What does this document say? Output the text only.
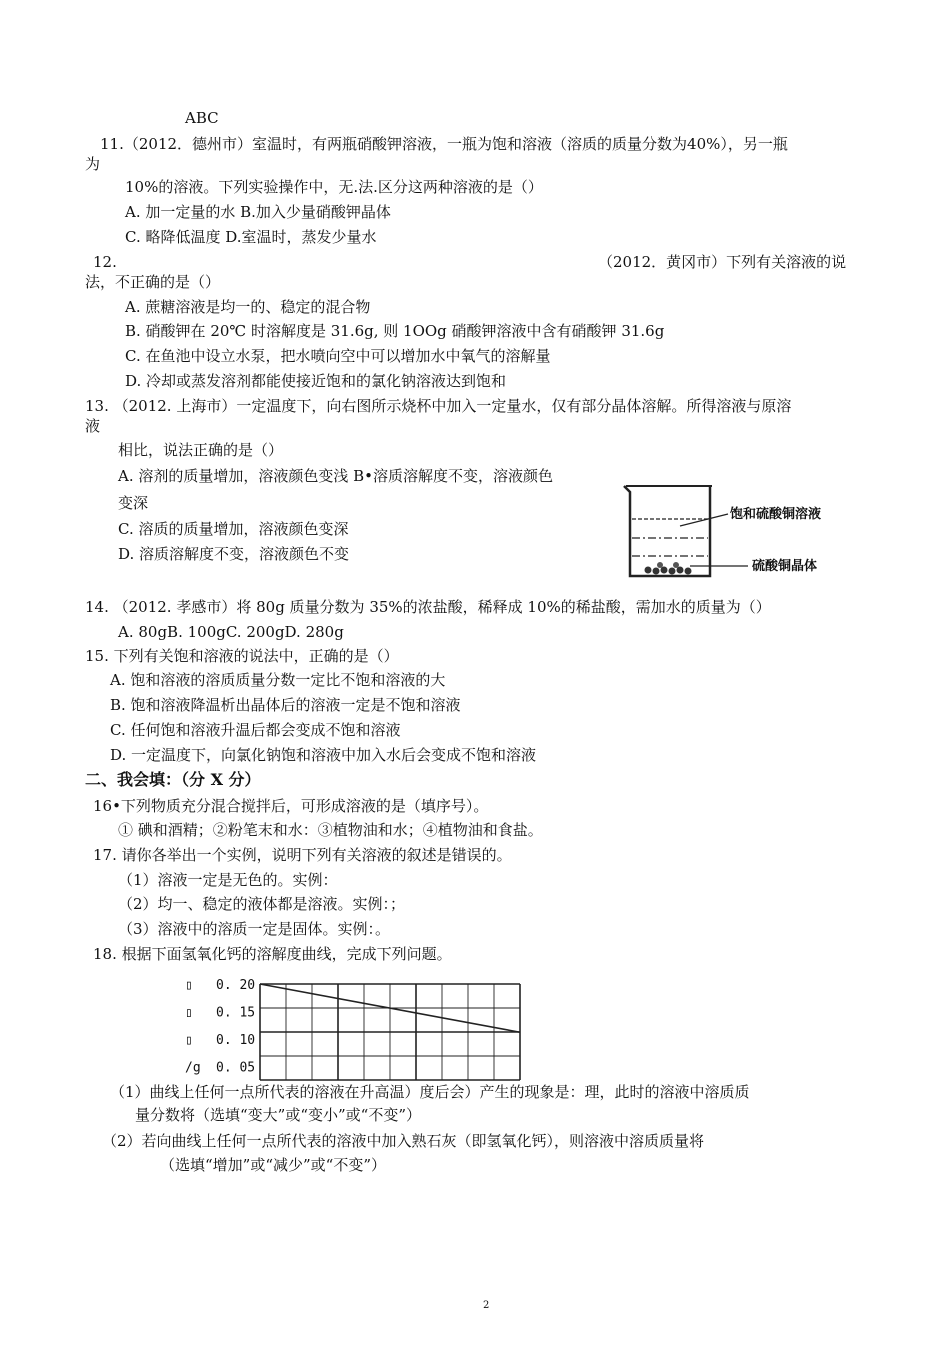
ABC
11.（2012．德州市）室温时，有两瓶硝酸钾溶液，一瓶为饱和溶液（溶质的质量分数为40%），另一瓶
为
10%的溶液。下列实验操作中，无.法.区分这两种溶液的是（）
A. 加一定量的水 B.加入少量硝酸钾晶体
C. 略降低温度 D.室温时，蒸发少量水
12.	（2012．黄冈市）下列有关溶液的说
法，不正确的是（）
A. 蔗糖溶液是均一的、稳定的混合物
B. 硝酸钾在 20℃ 时溶解度是 31.6g, 则 1OOg 硝酸钾溶液中含有硝酸钾 31.6g
C. 在鱼池中设立水泵，把水喷向空中可以增加水中氧气的溶解量
D. 冷却或蒸发溶剂都能使接近饱和的氯化钠溶液达到饱和
13. （2012. 上海市）一定温度下，向右图所示烧杯中加入一定量水，仅有部分晶体溶解。所得溶液与原溶
液
相比，说法正确的是（）
A. 溶剂的质量增加，溶液颜色变浅 B•溶质溶解度不变，溶液颜色
变深
C. 溶质的质量增加，溶液颜色变深
D. 溶质溶解度不变，溶液颜色不变
饱和硫酸铜溶液
硫酸铜晶体
14. （2012. 孝感市）将 80g 质量分数为 35%的浓盐酸，稀释成 10%的稀盐酸，需加水的质量为（）
A. 80gB. 100gC. 200gD. 280g
15. 下列有关饱和溶液的说法中，正确的是（）
A. 饱和溶液的溶质质量分数一定比不饱和溶液的大
B. 饱和溶液降温析出晶体后的溶液一定是不饱和溶液
C. 任何饱和溶液升温后都会变成不饱和溶液
D. 一定温度下，向氯化钠饱和溶液中加入水后会变成不饱和溶液
二、我会填：（分 X 分）
16•下列物质充分混合搅拌后，可形成溶液的是（填序号）。
① 碘和酒精；②粉笔末和水：③植物油和水；④植物油和食盐。
17. 请你各举出一个实例，说明下列有关溶液的叙述是错误的。
（1）溶液一定是无色的。实例：
（2）均一、稳定的液体都是溶液。实例：；
（3）溶液中的溶质一定是固体。实例：。
18. 根据下面氢氧化钙的溶解度曲线，完成下列问题。
0. 20
0. 15
0. 10
0. 05
▯
▯
▯
/g
（1）曲线上任何一点所代表的溶液在升高温）度后会）产生的现象是：理，此时的溶液中溶质质
量分数将（选填“变大”或“变小”或“不变”）
（2）若向曲线上任何一点所代表的溶液中加入熟石灰（即氢氧化钙），则溶液中溶质质量将
（选填“增加”或“减少”或“不变”）
2
